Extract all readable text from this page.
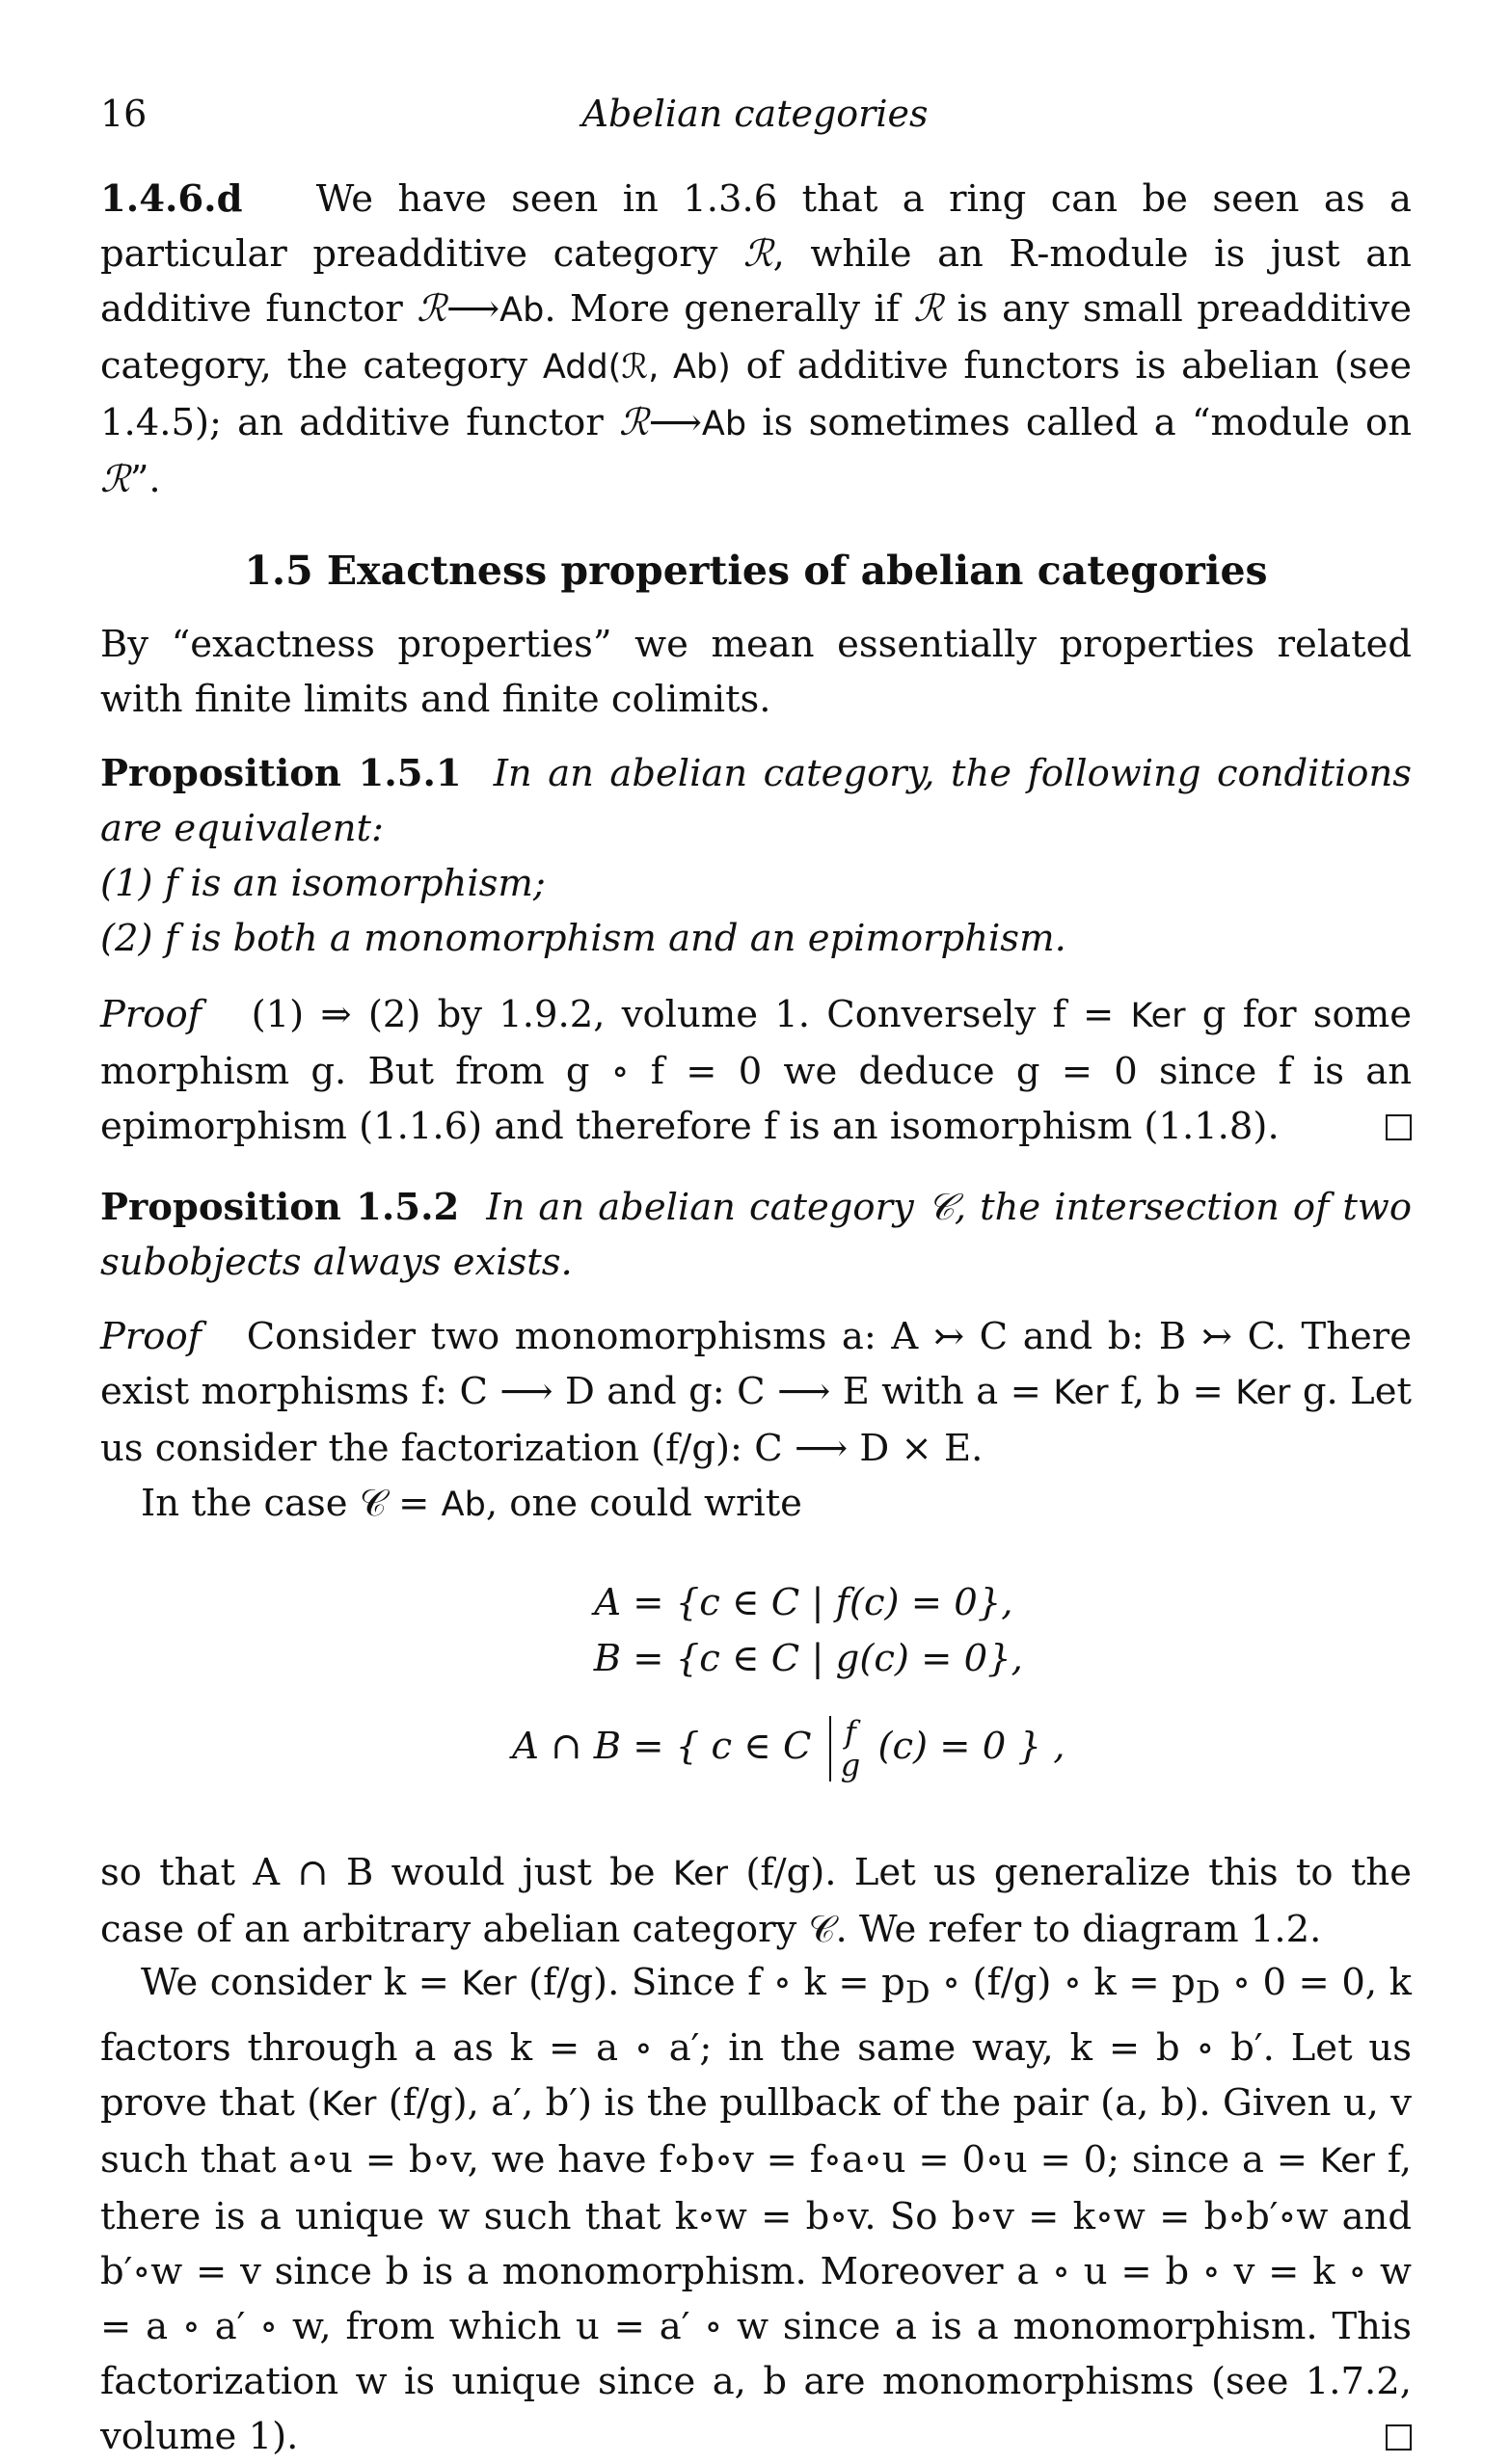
16	Abelian categories

1.4.6.d We have seen in 1.3.6 that a ring can be seen as a particular preadditive category ℛ, while an R-module is just an additive functor ℛ⟶Ab. More generally if ℛ is any small preadditive category, the category Add(ℛ, Ab) of additive functors is abelian (see 1.4.5); an additive functor ℛ⟶Ab is sometimes called a “module on ℛ”.

1.5 Exactness properties of abelian categories

By “exactness properties” we mean essentially properties related with finite limits and finite colimits.

Proposition 1.5.1 In an abelian category, the following conditions are equivalent:

(1) f is an isomorphism;

(2) f is both a monomorphism and an epimorphism.

Proof (1) ⇒ (2) by 1.9.2, volume 1. Conversely f = Ker g for some morphism g. But from g ∘ f = 0 we deduce g = 0 since f is an epimorphism (1.1.6) and therefore f is an isomorphism (1.1.8).

Proposition 1.5.2 In an abelian category 𝒞, the intersection of two subobjects always exists.

Proof Consider two monomorphisms a: A ↣ C and b: B ↣ C. There exist morphisms f: C ⟶ D and g: C ⟶ E with a = Ker f, b = Ker g. Let us consider the factorization (f/g): C ⟶ D × E.

In the case 𝒞 = Ab, one could write

A = {c ∈ C | f(c) = 0},
B = {c ∈ C | g(c) = 0},
A ∩ B = { c ∈ C f
g (c) = 0 } ,

so that A ∩ B would just be Ker (f/g). Let us generalize this to the case of an arbitrary abelian category 𝒞. We refer to diagram 1.2.

We consider k = Ker (f/g). Since f ∘ $k = p_D$ ∘ (f/g) ∘ $k = p_D$ ∘ 0 = 0, k factors through a as k = a ∘ a′; in the same way, k = b ∘ b′. Let us prove that (Ker (f/g), a′, b′) is the pullback of the pair (a, b). Given u, v such that a∘u = b∘v, we have f∘b∘v = f∘a∘u = 0∘u = 0; since a = Ker f, there is a unique w such that k∘w = b∘v. So b∘v = k∘w = b∘b′∘w and b′∘w = v since b is a monomorphism. Moreover a ∘ u = b ∘ v = k ∘ w = a ∘ a′ ∘ w, from which u = a′ ∘ w since a is a monomorphism. This factorization w is unique since a, b are monomorphisms (see 1.7.2, volume 1).
